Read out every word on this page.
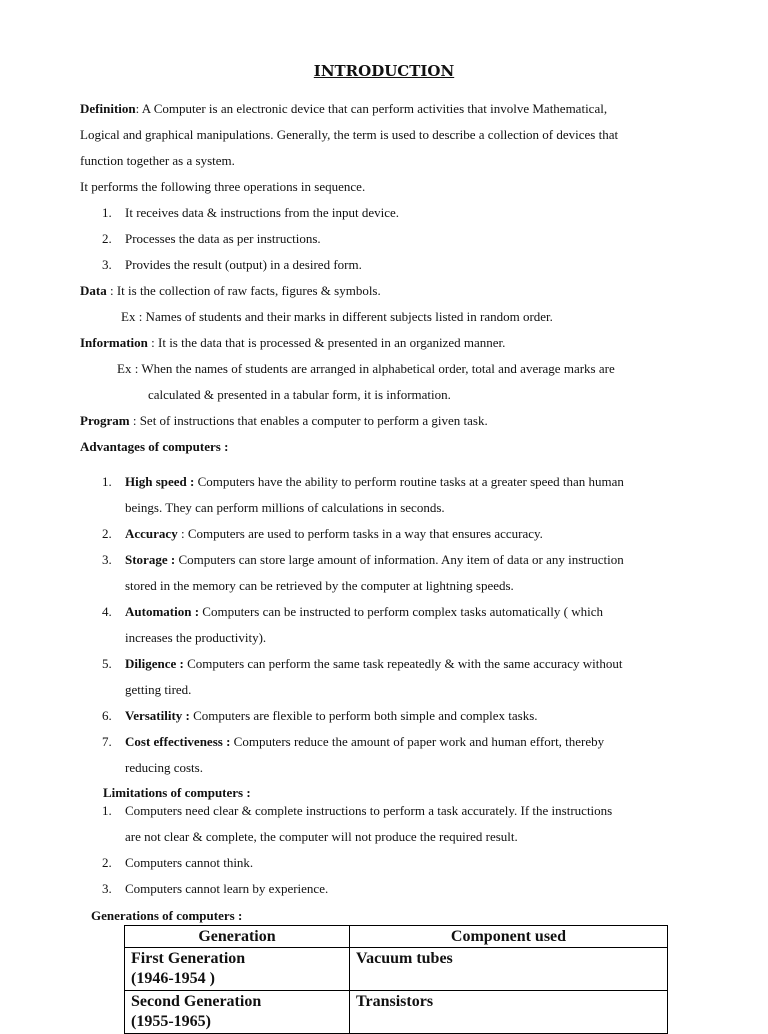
INTRODUCTION
Definition: A Computer is an electronic device that can perform activities that involve Mathematical,
Logical and graphical manipulations. Generally, the term is used to describe a collection of devices that
function together as a system.
It performs the following three operations in sequence.
1. It receives data & instructions from the input device.
2. Processes the data as per instructions.
3. Provides the result (output) in a desired form.
Data : It is the collection of raw facts, figures & symbols.
Ex : Names of students and their marks in different subjects listed in random order.
Information : It is the data that is processed & presented in an organized manner.
Ex : When the names of students are arranged in alphabetical order, total and average marks are
calculated & presented in a tabular form, it is information.
Program : Set of instructions that enables a computer to perform a given task.
Advantages of computers :
1. High speed : Computers have the ability to perform routine tasks at a greater speed than human
beings. They can perform millions of calculations in seconds.
2. Accuracy : Computers are used to perform tasks in a way that ensures accuracy.
3. Storage : Computers can store large amount of information. Any item of data or any instruction
stored in the memory can be retrieved by the computer at lightning speeds.
4. Automation : Computers can be instructed to perform complex tasks automatically ( which
increases the productivity).
5. Diligence : Computers can perform the same task repeatedly & with the same accuracy without
getting tired.
6. Versatility : Computers are flexible to perform both simple and complex tasks.
7. Cost effectiveness : Computers reduce the amount of paper work and human effort, thereby
reducing costs.
Limitations of computers :
1. Computers need clear & complete instructions to perform a task accurately. If the instructions
are not clear & complete, the computer will not produce the required result.
2. Computers cannot think.
3. Computers cannot learn by experience.
Generations of computers :
Generation	Component used

First Generation
(1946-1954 )	Vacuum tubes

Second Generation
(1955-1965)	Transistors
